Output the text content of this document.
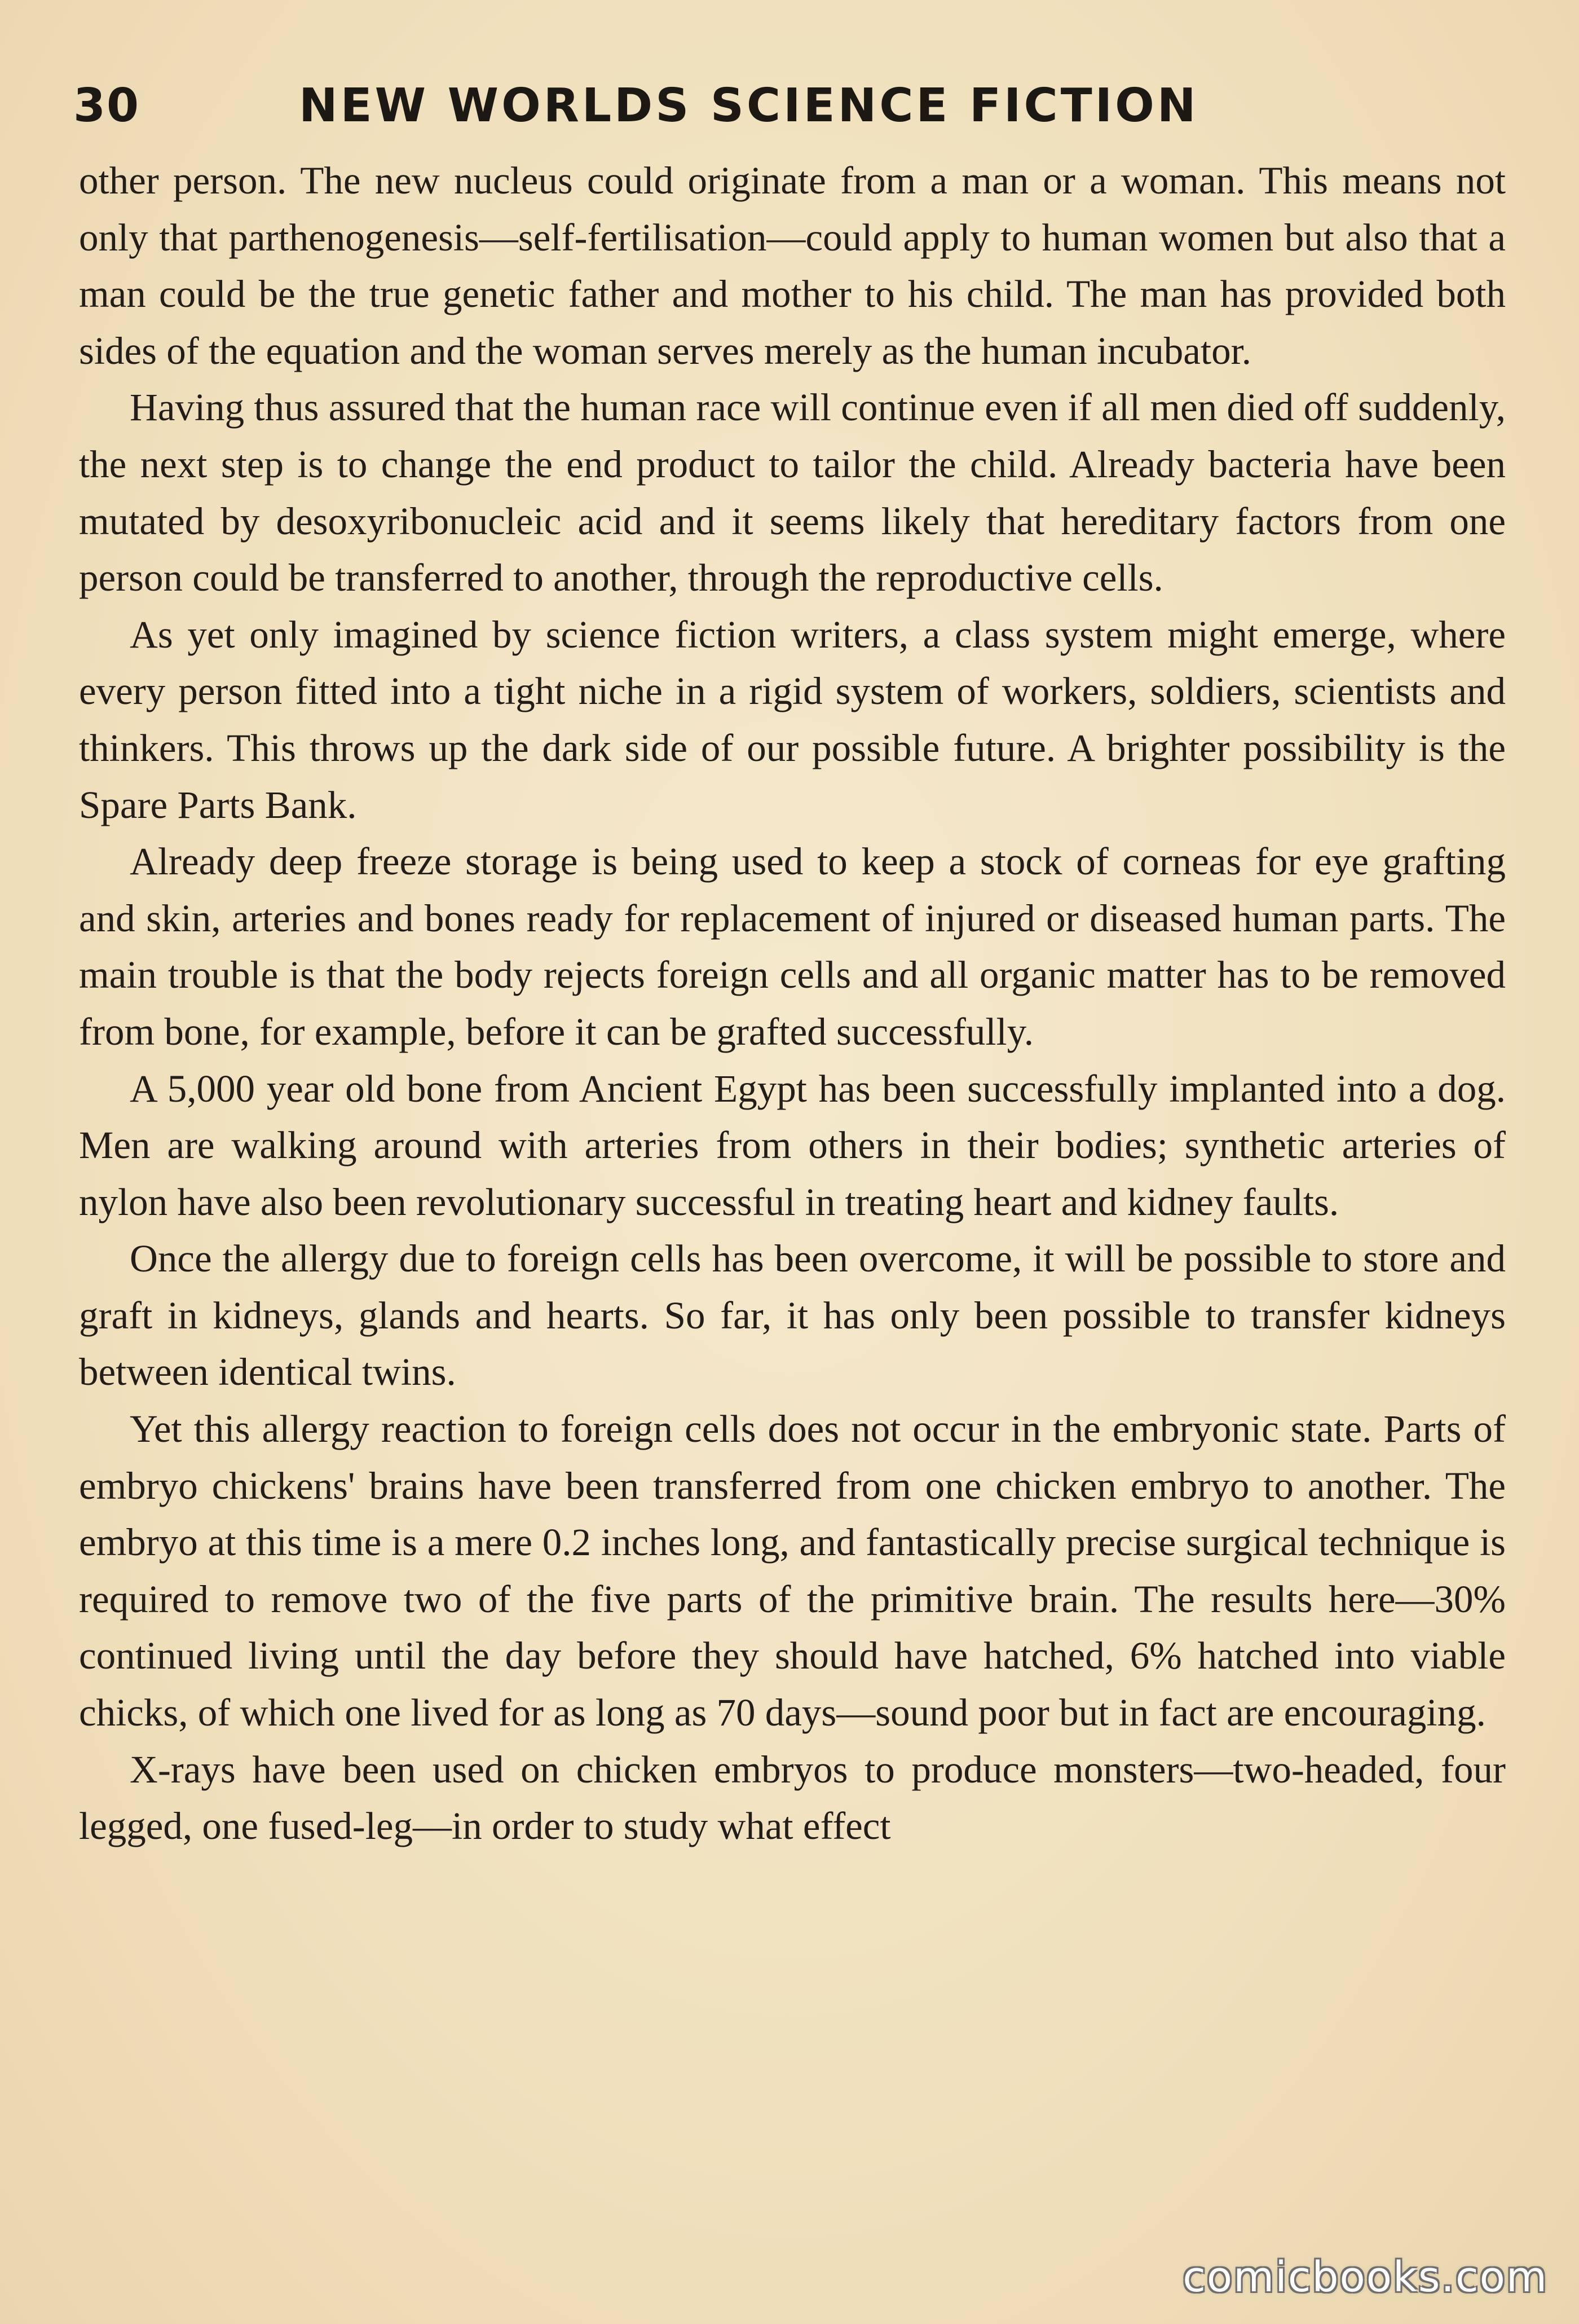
30	NEW WORLDS SCIENCE FICTION

other person. The new nucleus could originate from a man or a woman. This means not only that parthenogenesis—self-fertilisation—could apply to human women but also that a man could be the true genetic father and mother to his child. The man has provided both sides of the equation and the woman serves merely as the human incubator.

Having thus assured that the human race will continue even if all men died off suddenly, the next step is to change the end product to tailor the child. Already bacteria have been mutated by desoxyribonucleic acid and it seems likely that hereditary factors from one person could be transferred to another, through the reproductive cells.

As yet only imagined by science fiction writers, a class system might emerge, where every person fitted into a tight niche in a rigid system of workers, soldiers, scientists and thinkers. This throws up the dark side of our possible future. A brighter possibility is the Spare Parts Bank.

Already deep freeze storage is being used to keep a stock of corneas for eye grafting and skin, arteries and bones ready for replacement of injured or diseased human parts. The main trouble is that the body rejects foreign cells and all organic matter has to be removed from bone, for example, before it can be grafted successfully.

A 5,000 year old bone from Ancient Egypt has been successfully implanted into a dog. Men are walking around with arteries from others in their bodies; synthetic arteries of nylon have also been revolutionary successful in treating heart and kidney faults.

Once the allergy due to foreign cells has been overcome, it will be possible to store and graft in kidneys, glands and hearts. So far, it has only been possible to transfer kidneys between identical twins.

Yet this allergy reaction to foreign cells does not occur in the embryonic state. Parts of embryo chickens' brains have been transferred from one chicken embryo to another. The embryo at this time is a mere 0.2 inches long, and fantastically precise surgical technique is required to remove two of the five parts of the primitive brain. The results here—30% continued living until the day before they should have hatched, 6% hatched into viable chicks, of which one lived for as long as 70 days—sound poor but in fact are encouraging.

X-rays have been used on chicken embryos to produce monsters—two-headed, four legged, one fused-leg—in order to study what effect

comicbooks.com
